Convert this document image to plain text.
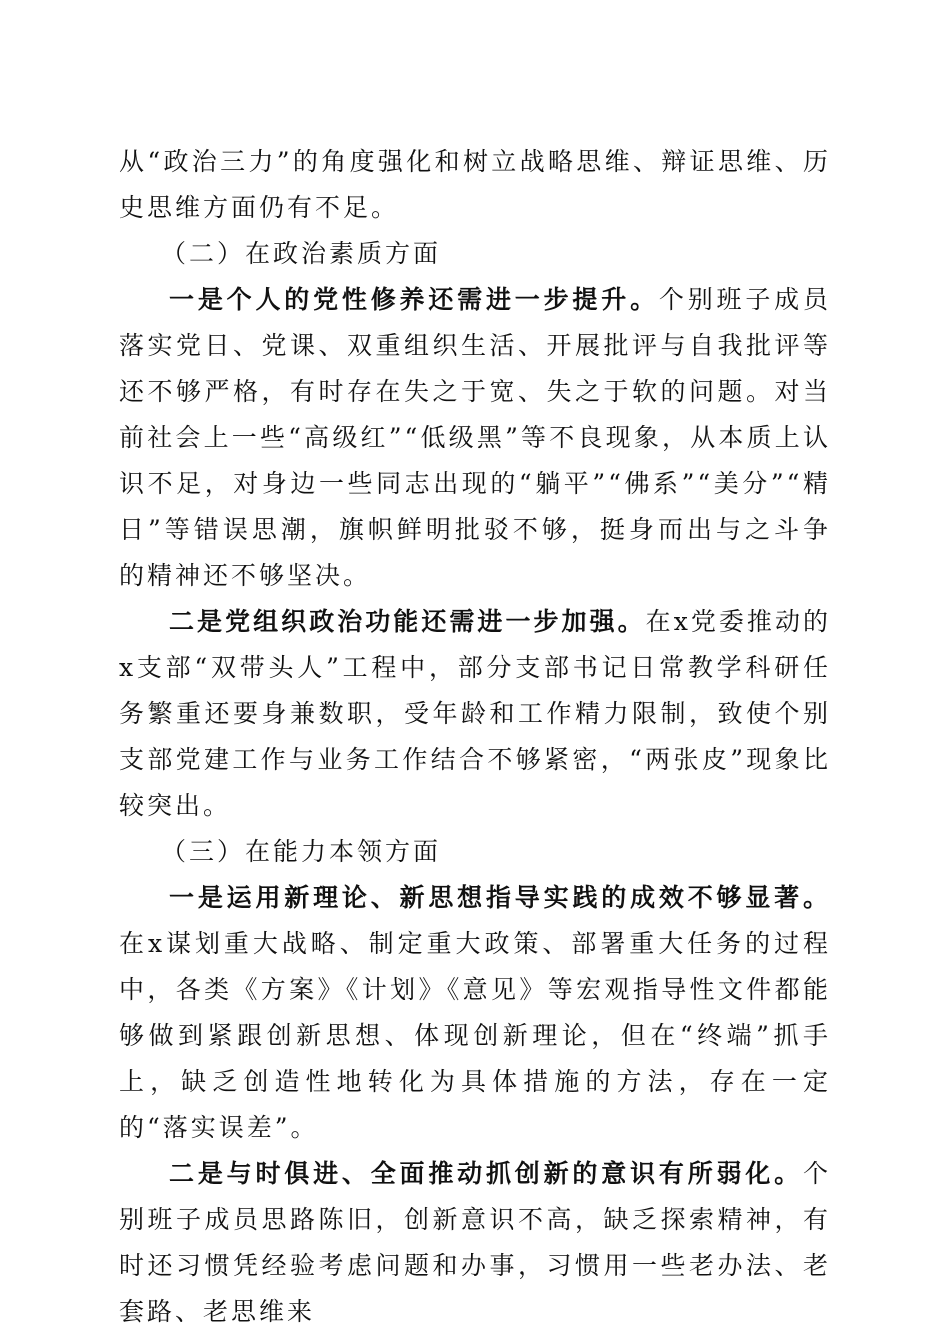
从“政治三力”的角度强化和树立战略思维、辩证思维、历史思维方面仍有不足。

（二）在政治素质方面

一是个人的党性修养还需进一步提升。个别班子成员落实党日、党课、双重组织生活、开展批评与自我批评等还不够严格，有时存在失之于宽、失之于软的问题。对当前社会上一些“高级红”“低级黑”等不良现象，从本质上认识不足，对身边一些同志出现的“躺平”“佛系”“美分”“精日”等错误思潮，旗帜鲜明批驳不够，挺身而出与之斗争的精神还不够坚决。

二是党组织政治功能还需进一步加强。在x党委推动的x支部“双带头人”工程中，部分支部书记日常教学科研任务繁重还要身兼数职，受年龄和工作精力限制，致使个别支部党建工作与业务工作结合不够紧密，“两张皮”现象比较突出。

（三）在能力本领方面

一是运用新理论、新思想指导实践的成效不够显著。在x谋划重大战略、制定重大政策、部署重大任务的过程中，各类《方案》《计划》《意见》等宏观指导性文件都能够做到紧跟创新思想、体现创新理论，但在“终端”抓手上，缺乏创造性地转化为具体措施的方法，存在一定的“落实误差”。

二是与时俱进、全面推动抓创新的意识有所弱化。个别班子成员思路陈旧，创新意识不高，缺乏探索精神，有时还习惯凭经验考虑问题和办事，习惯用一些老办法、老套路、老思维来
